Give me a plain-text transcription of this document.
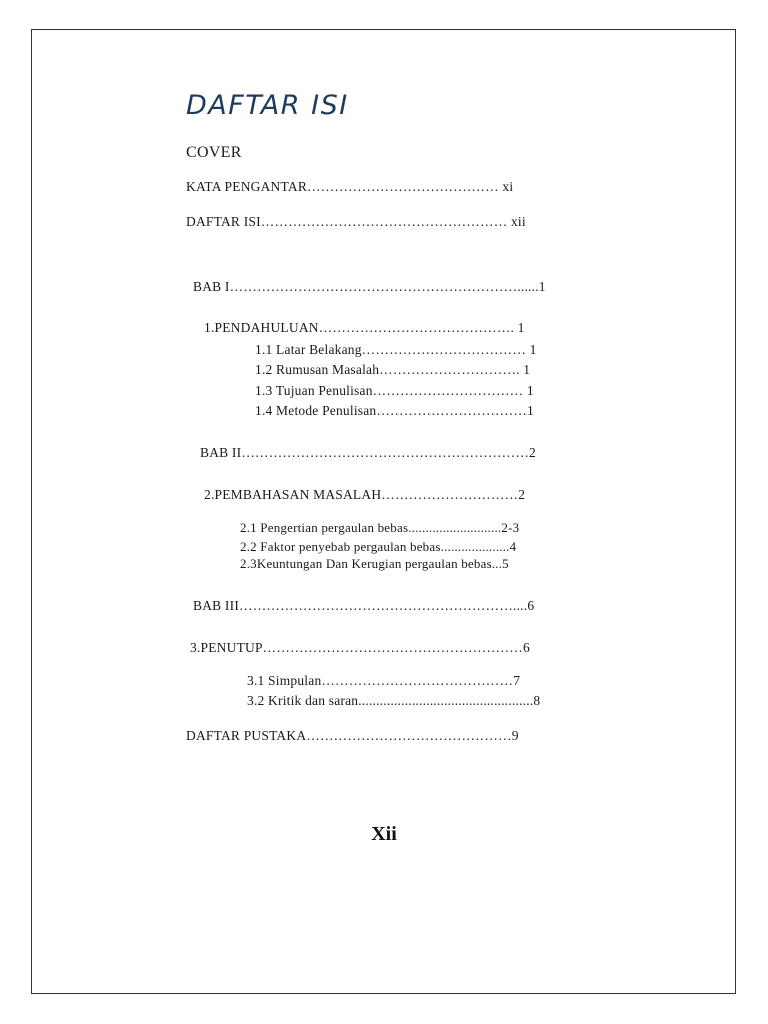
DAFTAR ISI
COVER
KATA PENGANTAR…………………………………… xi
DAFTAR ISI……………………………………………… xii
BAB I………………………………………………………......1
1.PENDAHULUAN……………………………………. 1
1.1 Latar Belakang……………………………… 1
1.2 Rumusan Masalah…………………………. 1
1.3 Tujuan Penulisan…………………………… 1
1.4 Metode Penulisan……………………………1
BAB II………………………………………………………2
2.PEMBAHASAN MASALAH…………………………2
2.1 Pengertian pergaulan bebas...........................2-3
2.2 Faktor penyebab pergaulan bebas....................4
2.3Keuntungan Dan Kerugian pergaulan bebas...5
BAB III……………………………………………………....6
3.PENUTUP…………………………………………………6
3.1 Simpulan……………………………………7
3.2 Kritik dan saran.................................................8
DAFTAR PUSTAKA………………………………………9
Xii
